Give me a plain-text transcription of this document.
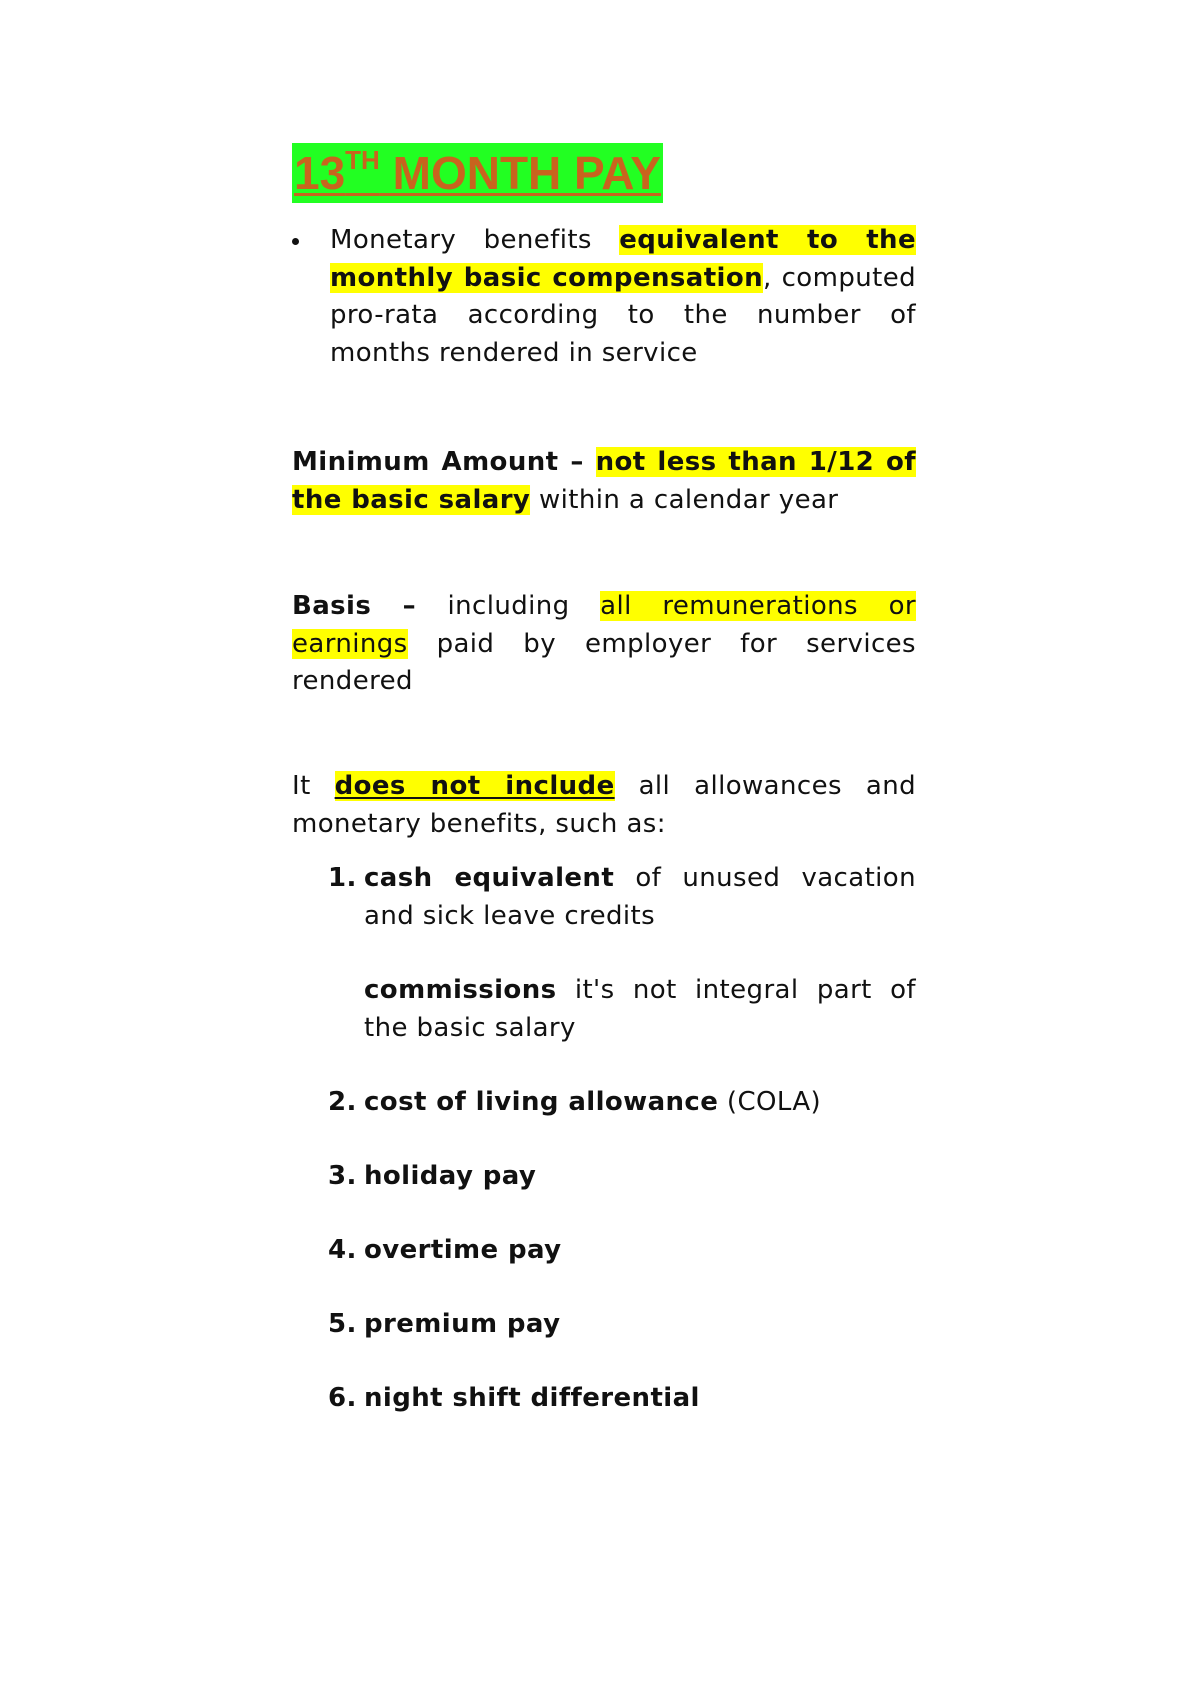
13TH MONTH PAY

Monetary benefits equivalent to the monthly basic compensation, computed pro-rata according to the number of months rendered in service

Minimum Amount – not less than 1/12 of the basic salary within a calendar year

Basis – including all remunerations or earnings paid by employer for services rendered

It does not include all allowances and monetary benefits, such as:

1. cash equivalent of unused vacation and sick leave credits

commissions it's not integral part of the basic salary

2. cost of living allowance (COLA)

3. holiday pay

4. overtime pay

5. premium pay

6. night shift differential
